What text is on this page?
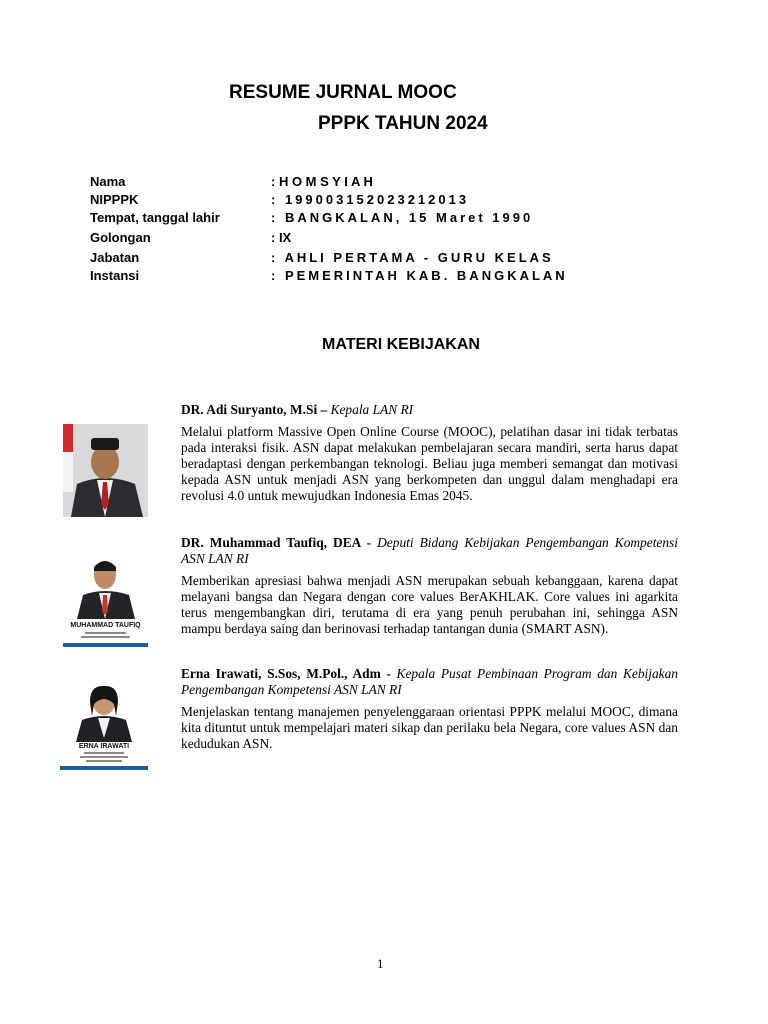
RESUME JURNAL MOOC
PPPK TAHUN 2024
Nama	: H O M S Y I A H
NIPPPK	: 199003152023212013
Tempat, tanggal lahir	: BANGKALAN, 15 Maret 1990
Golongan	: IX
Jabatan	: AHLI PERTAMA - GURU KELAS
Instansi	: PEMERINTAH KAB. BANGKALAN
MATERI KEBIJAKAN
DR. Adi Suryanto, M.Si – Kepala LAN RI
Melalui platform Massive Open Online Course (MOOC), pelatihan dasar ini tidak terbatas pada interaksi fisik. ASN dapat melakukan pembelajaran secara mandiri, serta harus dapat beradaptasi dengan perkembangan teknologi. Beliau juga memberi semangat dan motivasi kepada ASN untuk menjadi ASN yang berkompeten dan unggul dalam menghadapi era revolusi 4.0 untuk mewujudkan Indonesia Emas 2045.
MUHAMMAD TAUFIQ
DR. Muhammad Taufiq, DEA - Deputi Bidang Kebijakan Pengembangan Kompetensi ASN LAN RI
Memberikan apresiasi bahwa menjadi ASN merupakan sebuah kebanggaan, karena dapat melayani bangsa dan Negara dengan core values BerAKHLAK. Core values ini agarkita terus mengembangkan diri, terutama di era yang penuh perubahan ini, sehingga ASN mampu berdaya saing dan berinovasi terhadap tantangan dunia (SMART ASN).
ERNA IRAWATI
Erna Irawati, S.Sos, M.Pol., Adm - Kepala Pusat Pembinaan Program dan Kebijakan Pengembangan Kompetensi ASN LAN RI
Menjelaskan tentang manajemen penyelenggaraan orientasi PPPK melalui MOOC, dimana kita dituntut untuk mempelajari materi sikap dan perilaku bela Negara, core values ASN dan kedudukan ASN.
1
